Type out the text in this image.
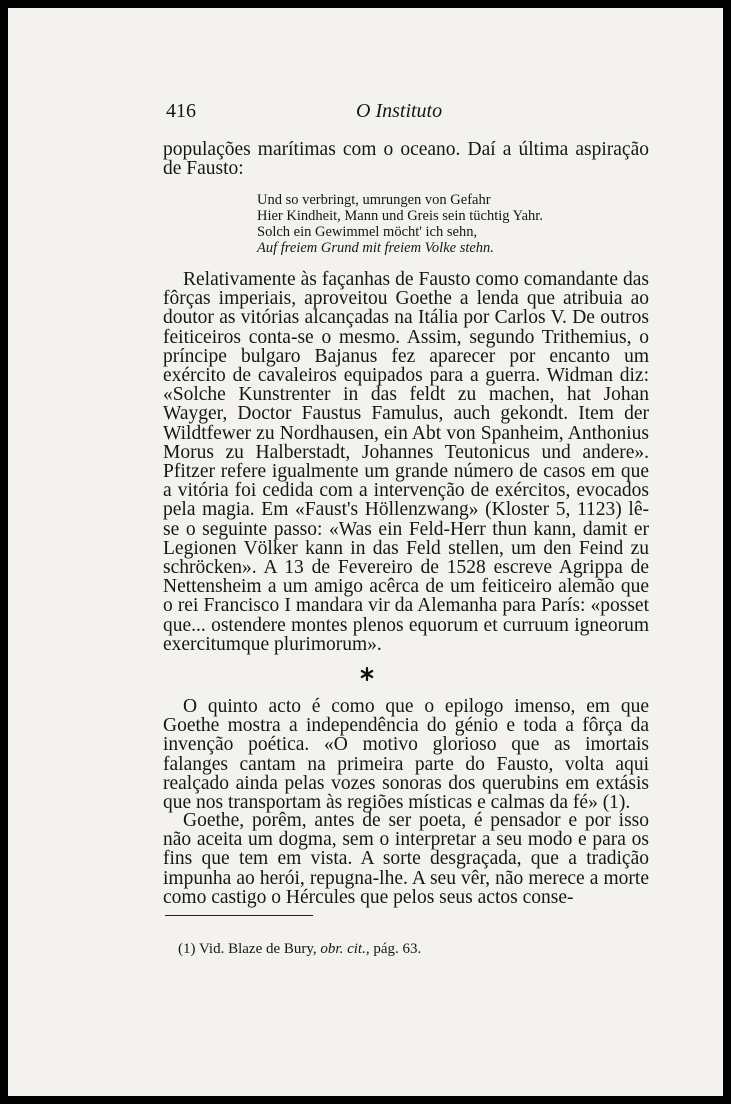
416	O Instituto

populações marítimas com o oceano. Daí a última aspiração de Fausto:

Und so verbringt, umrungen von Gefahr
Hier Kindheit, Mann und Greis sein tüchtig Yahr.
Solch ein Gewimmel möcht' ich sehn,
Auf freiem Grund mit freiem Volke stehn.

Relativamente às façanhas de Fausto como comandante das fôrças imperiais, aproveitou Goethe a lenda que atribuia ao doutor as vitórias alcançadas na Itália por Carlos V. De outros feiticeiros conta-se o mesmo. Assim, segundo Trithemius, o príncipe bulgaro Bajanus fez aparecer por encanto um exército de cavaleiros equipados para a guerra. Widman diz: «Solche Kunstrenter in das feldt zu machen, hat Johan Wayger, Doctor Faustus Famulus, auch gekondt. Item der Wildtfewer zu Nordhausen, ein Abt von Spanheim, Anthonius Morus zu Halberstadt, Johannes Teutonicus und andere». Pfitzer refere igualmente um grande número de casos em que a vitória foi cedida com a intervenção de exércitos, evocados pela magia. Em «Faust's Höllenzwang» (Kloster 5, 1123) lê-se o seguinte passo: «Was ein Feld-Herr thun kann, damit er Legionen Völker kann in das Feld stellen, um den Feind zu schröcken». A 13 de Fevereiro de 1528 escreve Agrippa de Nettensheim a um amigo acêrca de um feiticeiro alemão que o rei Francisco I mandara vir da Alemanha para París: «posset que... ostendere montes plenos equorum et curruum igneorum exercitumque plurimorum».

O quinto acto é como que o epilogo imenso, em que Goethe mostra a independência do génio e toda a fôrça da invenção poética. «O motivo glorioso que as imortais falanges cantam na primeira parte do Fausto, volta aqui realçado ainda pelas vozes sonoras dos querubins em extásis que nos transportam às regiões místicas e calmas da fé» (1).

Goethe, porêm, antes de ser poeta, é pensador e por isso não aceita um dogma, sem o interpretar a seu modo e para os fins que tem em vista. A sorte desgraçada, que a tradição impunha ao herói, repugna-lhe. A seu vêr, não merece a morte como castigo o Hércules que pelos seus actos conse-

(1) Vid. Blaze de Bury, obr. cit., pág. 63.
